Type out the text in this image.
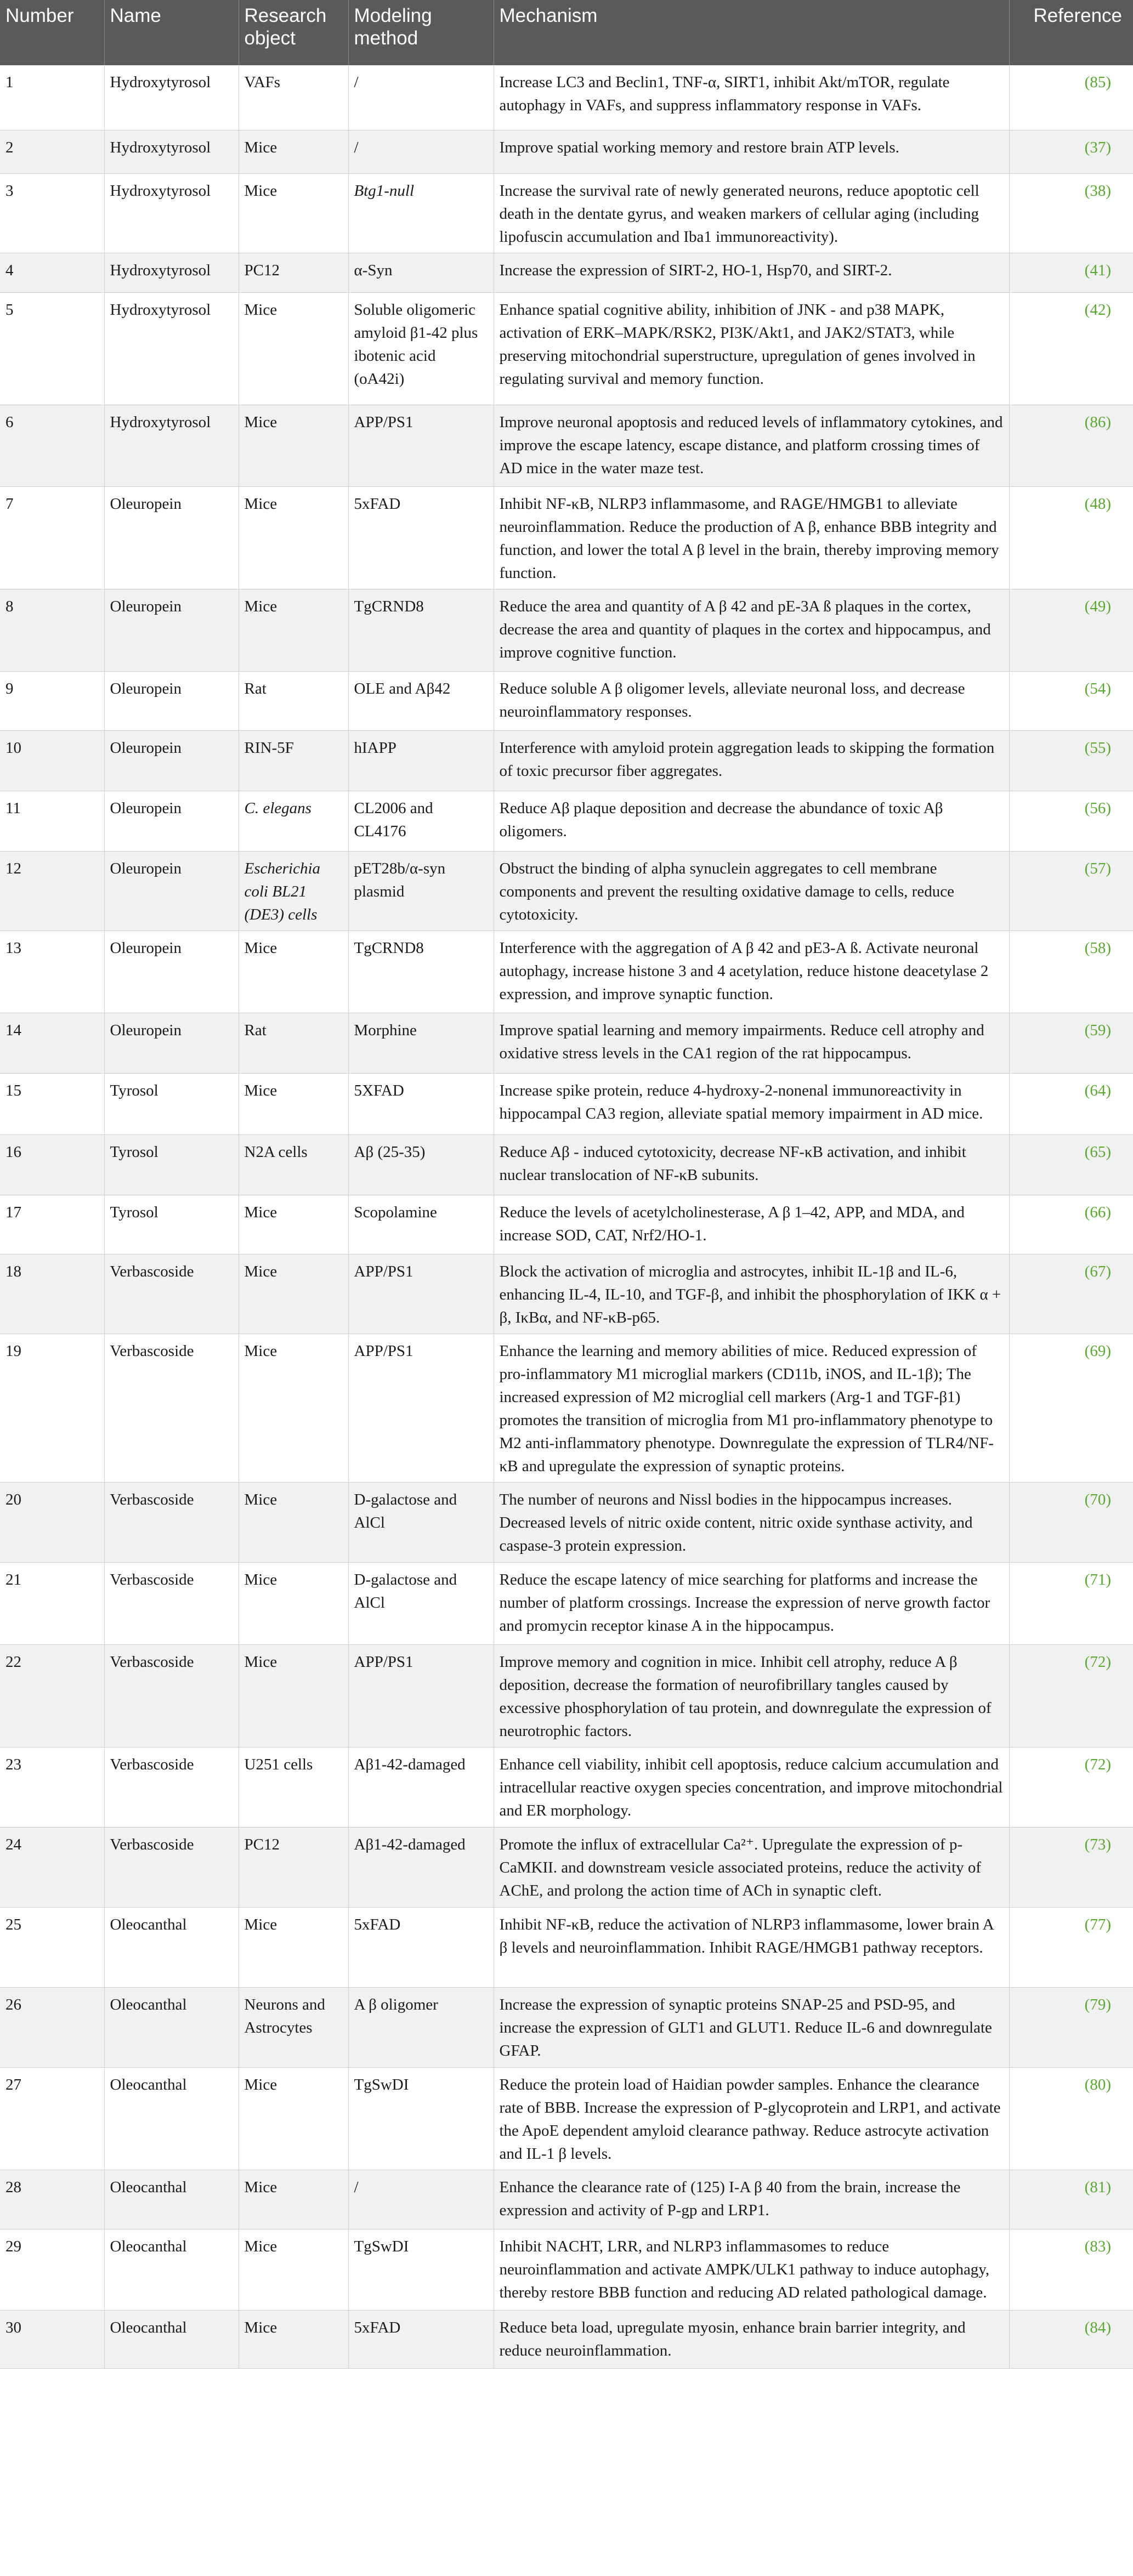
Number	Name	Research object	Modeling method	Mechanism	Reference
1	Hydroxytyrosol	VAFs	/	Increase LC3 and Beclin1, TNF-α, SIRT1, inhibit Akt/mTOR, regulate autophagy in VAFs, and suppress inflammatory response in VAFs.	(85)
2	Hydroxytyrosol	Mice	/	Improve spatial working memory and restore brain ATP levels.	(37)
3	Hydroxytyrosol	Mice	Btg1-null	Increase the survival rate of newly generated neurons, reduce apoptotic cell death in the dentate gyrus, and weaken markers of cellular aging (including lipofuscin accumulation and Iba1 immunoreactivity).	(38)
4	Hydroxytyrosol	PC12	α-Syn	Increase the expression of SIRT-2, HO-1, Hsp70, and SIRT-2.	(41)
5	Hydroxytyrosol	Mice	Soluble oligomeric amyloid β1-42 plus ibotenic acid (oA42i)	Enhance spatial cognitive ability, inhibition of JNK - and p38 MAPK, activation of ERK–MAPK/RSK2, PI3K/Akt1, and JAK2/STAT3, while preserving mitochondrial superstructure, upregulation of genes involved in regulating survival and memory function.	(42)
6	Hydroxytyrosol	Mice	APP/PS1	Improve neuronal apoptosis and reduced levels of inflammatory cytokines, and improve the escape latency, escape distance, and platform crossing times of AD mice in the water maze test.	(86)
7	Oleuropein	Mice	5xFAD	Inhibit NF-κB, NLRP3 inflammasome, and RAGE/HMGB1 to alleviate neuroinflammation. Reduce the production of A β, enhance BBB integrity and function, and lower the total A β level in the brain, thereby improving memory function.	(48)
8	Oleuropein	Mice	TgCRND8	Reduce the area and quantity of A β 42 and pE-3A ß plaques in the cortex, decrease the area and quantity of plaques in the cortex and hippocampus, and improve cognitive function.	(49)
9	Oleuropein	Rat	OLE and Aβ42	Reduce soluble A β oligomer levels, alleviate neuronal loss, and decrease neuroinflammatory responses.	(54)
10	Oleuropein	RIN-5F	hIAPP	Interference with amyloid protein aggregation leads to skipping the formation of toxic precursor fiber aggregates.	(55)
11	Oleuropein	C. elegans	CL2006 and CL4176	Reduce Aβ plaque deposition and decrease the abundance of toxic Aβ oligomers.	(56)
12	Oleuropein	Escherichia coli BL21 (DE3) cells	pET28b/α-syn plasmid	Obstruct the binding of alpha synuclein aggregates to cell membrane components and prevent the resulting oxidative damage to cells, reduce cytotoxicity.	(57)
13	Oleuropein	Mice	TgCRND8	Interference with the aggregation of A β 42 and pE3-A ß. Activate neuronal autophagy, increase histone 3 and 4 acetylation, reduce histone deacetylase 2 expression, and improve synaptic function.	(58)
14	Oleuropein	Rat	Morphine	Improve spatial learning and memory impairments. Reduce cell atrophy and oxidative stress levels in the CA1 region of the rat hippocampus.	(59)
15	Tyrosol	Mice	5XFAD	Increase spike protein, reduce 4-hydroxy-2-nonenal immunoreactivity in hippocampal CA3 region, alleviate spatial memory impairment in AD mice.	(64)
16	Tyrosol	N2A cells	Aβ (25-35)	Reduce Aβ - induced cytotoxicity, decrease NF-κB activation, and inhibit nuclear translocation of NF-κB subunits.	(65)
17	Tyrosol	Mice	Scopolamine	Reduce the levels of acetylcholinesterase, A β 1–42, APP, and MDA, and increase SOD, CAT, Nrf2/HO-1.	(66)
18	Verbascoside	Mice	APP/PS1	Block the activation of microglia and astrocytes, inhibit IL-1β and IL-6, enhancing IL-4, IL-10, and TGF-β, and inhibit the phosphorylation of IKK α + β, IκBα, and NF-κB-p65.	(67)
19	Verbascoside	Mice	APP/PS1	Enhance the learning and memory abilities of mice. Reduced expression of pro-inflammatory M1 microglial markers (CD11b, iNOS, and IL-1β); The increased expression of M2 microglial cell markers (Arg-1 and TGF-β1) promotes the transition of microglia from M1 pro-inflammatory phenotype to M2 anti-inflammatory phenotype. Downregulate the expression of TLR4/NF-κB and upregulate the expression of synaptic proteins.	(69)
20	Verbascoside	Mice	D-galactose and AlCl	The number of neurons and Nissl bodies in the hippocampus increases. Decreased levels of nitric oxide content, nitric oxide synthase activity, and caspase-3 protein expression.	(70)
21	Verbascoside	Mice	D-galactose and AlCl	Reduce the escape latency of mice searching for platforms and increase the number of platform crossings. Increase the expression of nerve growth factor and promycin receptor kinase A in the hippocampus.	(71)
22	Verbascoside	Mice	APP/PS1	Improve memory and cognition in mice. Inhibit cell atrophy, reduce A β deposition, decrease the formation of neurofibrillary tangles caused by excessive phosphorylation of tau protein, and downregulate the expression of neurotrophic factors.	(72)
23	Verbascoside	U251 cells	Aβ1-42-damaged	Enhance cell viability, inhibit cell apoptosis, reduce calcium accumulation and intracellular reactive oxygen species concentration, and improve mitochondrial and ER morphology.	(72)
24	Verbascoside	PC12	Aβ1-42-damaged	Promote the influx of extracellular Ca²⁺. Upregulate the expression of p-CaMKII. and downstream vesicle associated proteins, reduce the activity of AChE, and prolong the action time of ACh in synaptic cleft.	(73)
25	Oleocanthal	Mice	5xFAD	Inhibit NF-κB, reduce the activation of NLRP3 inflammasome, lower brain A β levels and neuroinflammation. Inhibit RAGE/HMGB1 pathway receptors.	(77)
26	Oleocanthal	Neurons and Astrocytes	A β oligomer	Increase the expression of synaptic proteins SNAP-25 and PSD-95, and increase the expression of GLT1 and GLUT1. Reduce IL-6 and downregulate GFAP.	(79)
27	Oleocanthal	Mice	TgSwDI	Reduce the protein load of Haidian powder samples. Enhance the clearance rate of BBB. Increase the expression of P-glycoprotein and LRP1, and activate the ApoE dependent amyloid clearance pathway. Reduce astrocyte activation and IL-1 β levels.	(80)
28	Oleocanthal	Mice	/	Enhance the clearance rate of (125) I-A β 40 from the brain, increase the expression and activity of P-gp and LRP1.	(81)
29	Oleocanthal	Mice	TgSwDI	Inhibit NACHT, LRR, and NLRP3 inflammasomes to reduce neuroinflammation and activate AMPK/ULK1 pathway to induce autophagy, thereby restore BBB function and reducing AD related pathological damage.	(83)
30	Oleocanthal	Mice	5xFAD	Reduce beta load, upregulate myosin, enhance brain barrier integrity, and reduce neuroinflammation.	(84)
